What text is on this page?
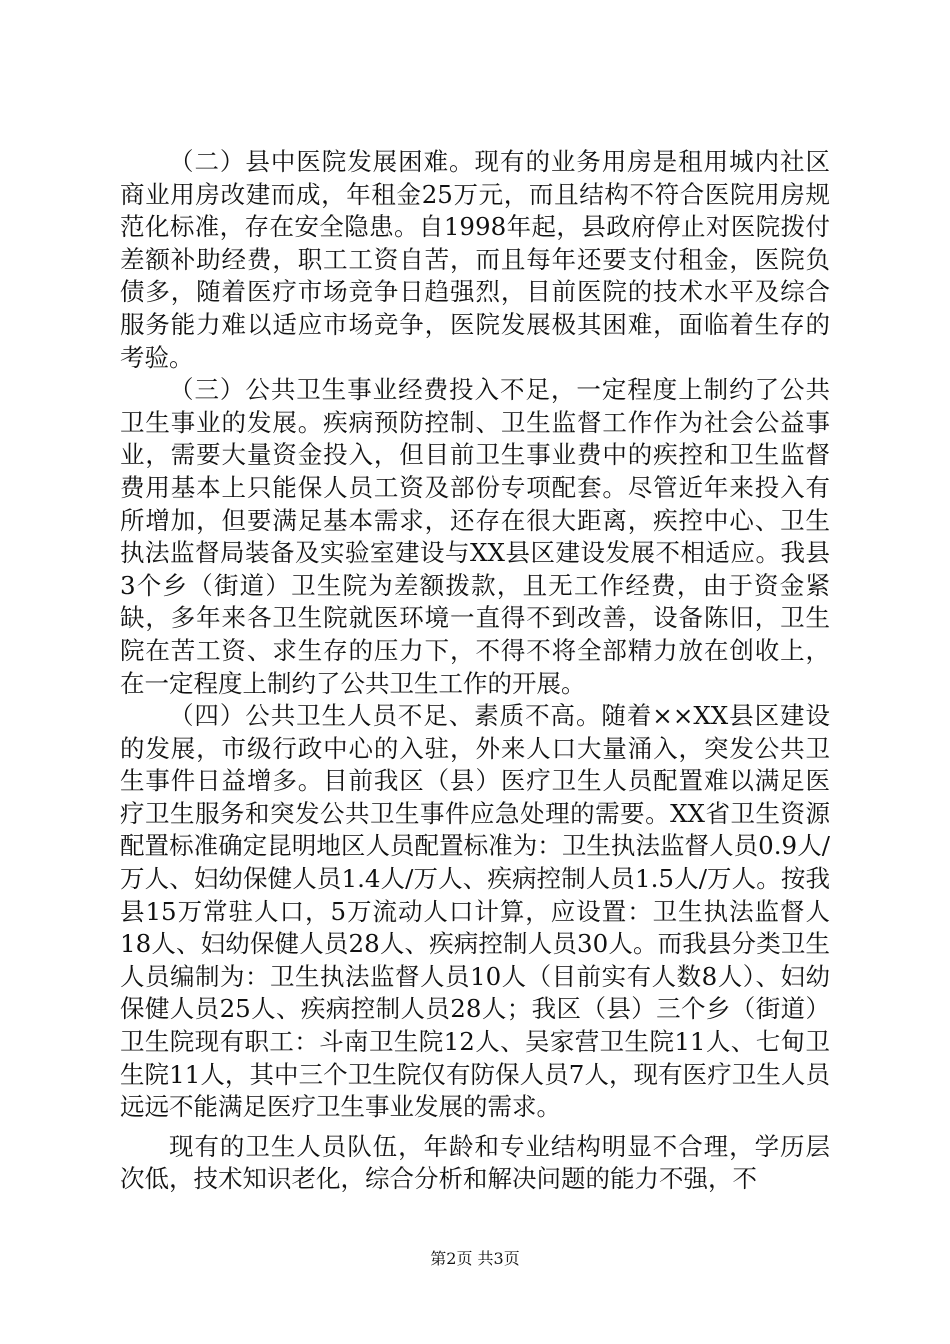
（二）县中医院发展困难。现有的业务用房是租用城内社区商业用房改建而成，年租金25万元，而且结构不符合医院用房规范化标准，存在安全隐患。自1998年起，县政府停止对医院拨付差额补助经费，职工工资自苦，而且每年还要支付租金，医院负债多，随着医疗市场竞争日趋强烈，目前医院的技术水平及综合服务能力难以适应市场竞争，医院发展极其困难，面临着生存的考验。

（三）公共卫生事业经费投入不足，一定程度上制约了公共卫生事业的发展。疾病预防控制、卫生监督工作作为社会公益事业，需要大量资金投入，但目前卫生事业费中的疾控和卫生监督费用基本上只能保人员工资及部份专项配套。尽管近年来投入有所增加，但要满足基本需求，还存在很大距离，疾控中心、卫生执法监督局装备及实验室建设与XX县区建设发展不相适应。我县3个乡（街道）卫生院为差额拨款，且无工作经费，由于资金紧缺，多年来各卫生院就医环境一直得不到改善，设备陈旧，卫生院在苦工资、求生存的压力下，不得不将全部精力放在创收上，在一定程度上制约了公共卫生工作的开展。

（四）公共卫生人员不足、素质不高。随着××XX县区建设的发展，市级行政中心的入驻，外来人口大量涌入，突发公共卫生事件日益增多。目前我区（县）医疗卫生人员配置难以满足医疗卫生服务和突发公共卫生事件应急处理的需要。XX省卫生资源配置标准确定昆明地区人员配置标准为：卫生执法监督人员0.9人/万人、妇幼保健人员1.4人/万人、疾病控制人员1.5人/万人。按我县15万常驻人口，5万流动人口计算，应设置：卫生执法监督人18人、妇幼保健人员28人、疾病控制人员30人。而我县分类卫生人员编制为：卫生执法监督人员10人（目前实有人数8人）、妇幼保健人员25人、疾病控制人员28人；我区（县）三个乡（街道）卫生院现有职工：斗南卫生院12人、吴家营卫生院11人、七甸卫生院11人，其中三个卫生院仅有防保人员7人，现有医疗卫生人员远远不能满足医疗卫生事业发展的需求。

现有的卫生人员队伍，年龄和专业结构明显不合理，学历层次低，技术知识老化，综合分析和解决问题的能力不强，不

第2页 共3页
